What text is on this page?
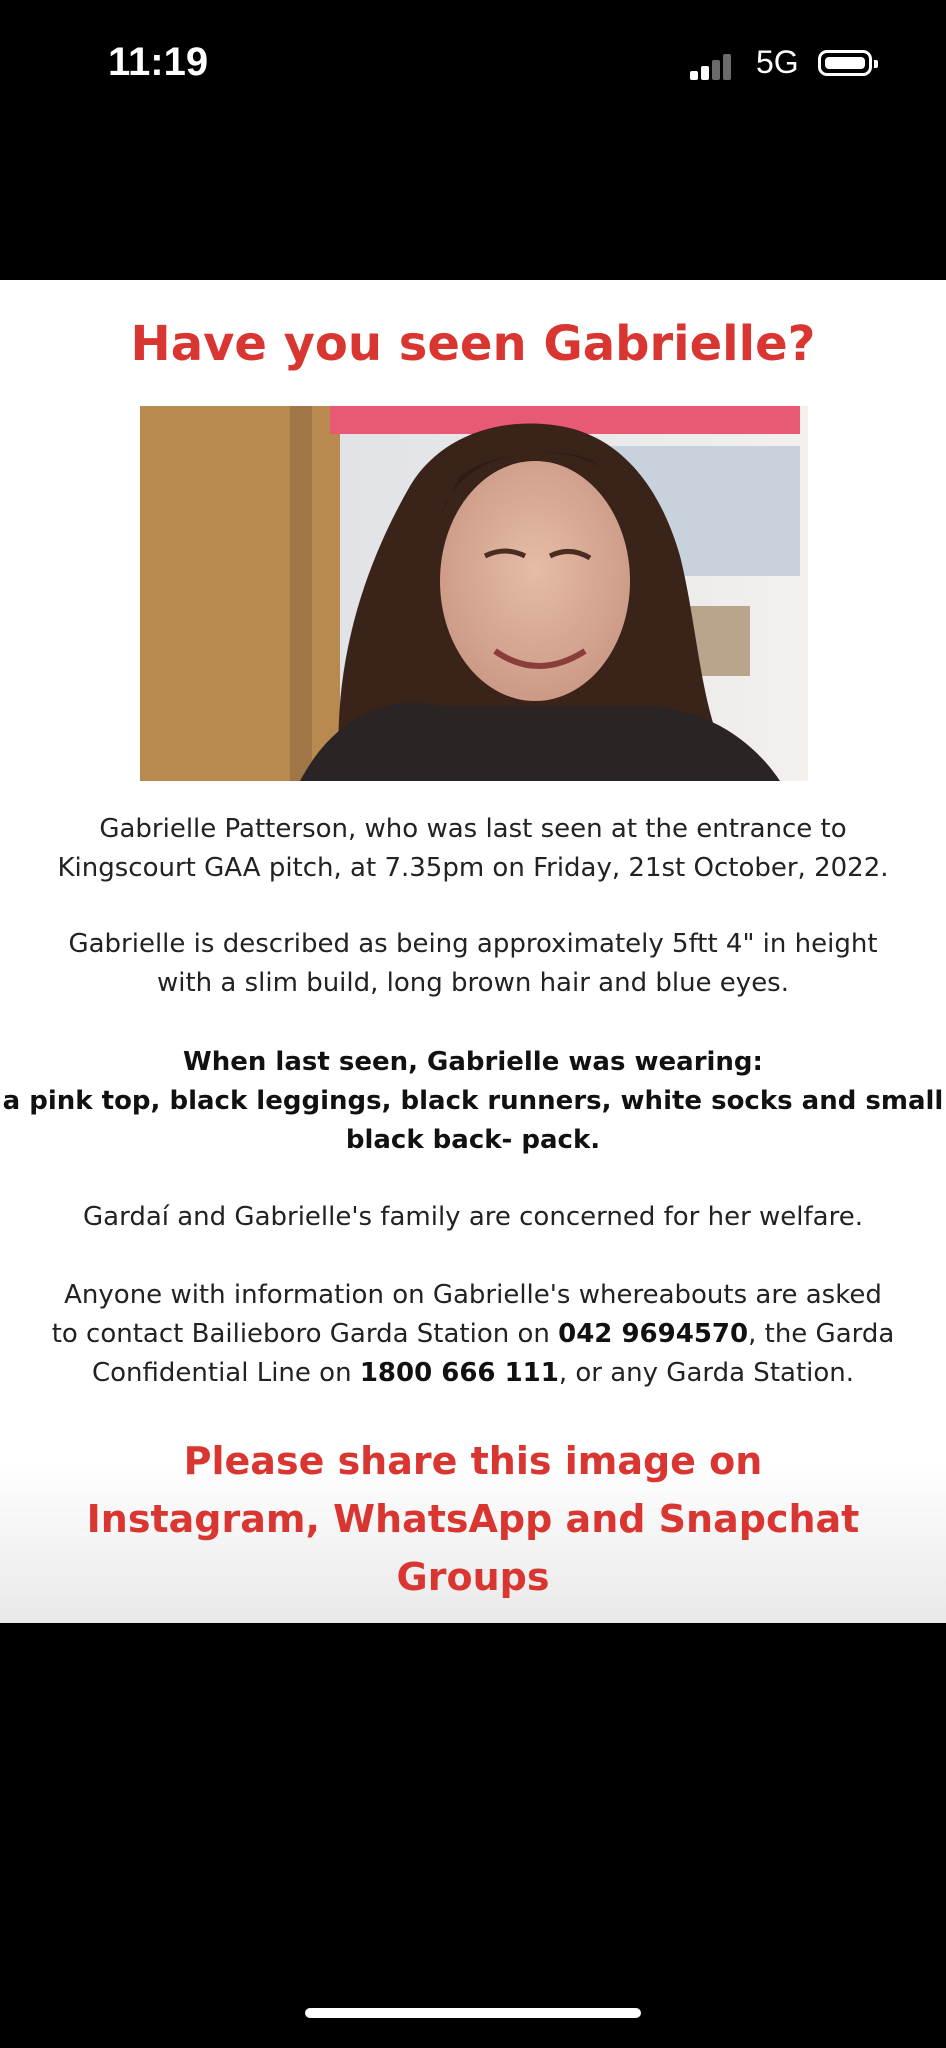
11:19	5G
Have you seen Gabrielle?
Gabrielle Patterson, who was last seen at the entrance to
Kingscourt GAA pitch, at 7.35pm on Friday, 21st October, 2022.
Gabrielle is described as being approximately 5ftt 4" in height
with a slim build, long brown hair and blue eyes.
When last seen, Gabrielle was wearing:
a pink top, black leggings, black runners, white socks and small
black back- pack.
Gardaí and Gabrielle's family are concerned for her welfare.
Anyone with information on Gabrielle's whereabouts are asked
to contact Bailieboro Garda Station on 042 9694570, the Garda
Confidential Line on 1800 666 111, or any Garda Station.
Please share this image on
Instagram, WhatsApp and Snapchat
Groups
